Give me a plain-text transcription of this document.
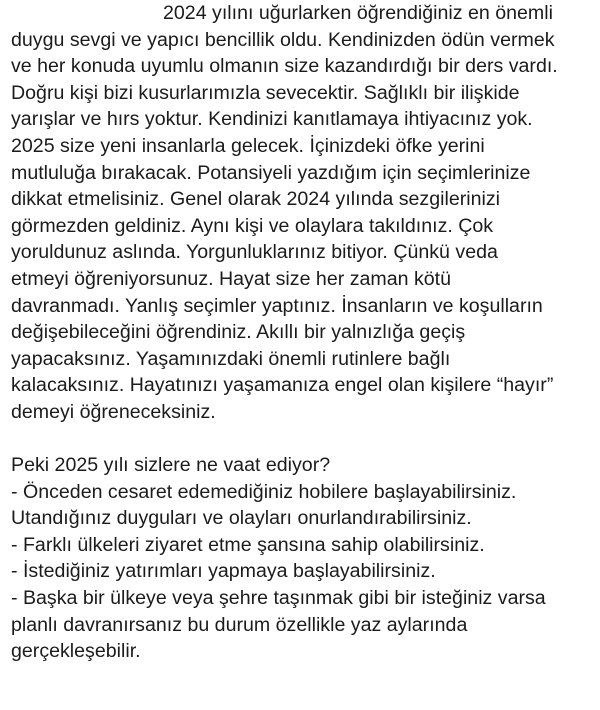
2024 yılını uğurlarken öğrendiğiniz en önemli
duygu sevgi ve yapıcı bencillik oldu. Kendinizden ödün vermek
ve her konuda uyumlu olmanın size kazandırdığı bir ders vardı.
Doğru kişi bizi kusurlarımızla sevecektir. Sağlıklı bir ilişkide
yarışlar ve hırs yoktur. Kendinizi kanıtlamaya ihtiyacınız yok.
2025 size yeni insanlarla gelecek. İçinizdeki öfke yerini
mutluluğa bırakacak. Potansiyeli yazdığım için seçimlerinize
dikkat etmelisiniz. Genel olarak 2024 yılında sezgilerinizi
görmezden geldiniz. Aynı kişi ve olaylara takıldınız. Çok
yoruldunuz aslında. Yorgunluklarınız bitiyor. Çünkü veda
etmeyi öğreniyorsunuz. Hayat size her zaman kötü
davranmadı. Yanlış seçimler yaptınız. İnsanların ve koşulların
değişebileceğini öğrendiniz. Akıllı bir yalnızlığa geçiş
yapacaksınız. Yaşamınızdaki önemli rutinlere bağlı
kalacaksınız. Hayatınızı yaşamanıza engel olan kişilere “hayır”
demeyi öğreneceksiniz.
Peki 2025 yılı sizlere ne vaat ediyor?
- Önceden cesaret edemediğiniz hobilere başlayabilirsiniz.
Utandığınız duyguları ve olayları onurlandırabilirsiniz.
- Farklı ülkeleri ziyaret etme şansına sahip olabilirsiniz.
- İstediğiniz yatırımları yapmaya başlayabilirsiniz.
- Başka bir ülkeye veya şehre taşınmak gibi bir isteğiniz varsa
planlı davranırsanız bu durum özellikle yaz aylarında
gerçekleşebilir.
